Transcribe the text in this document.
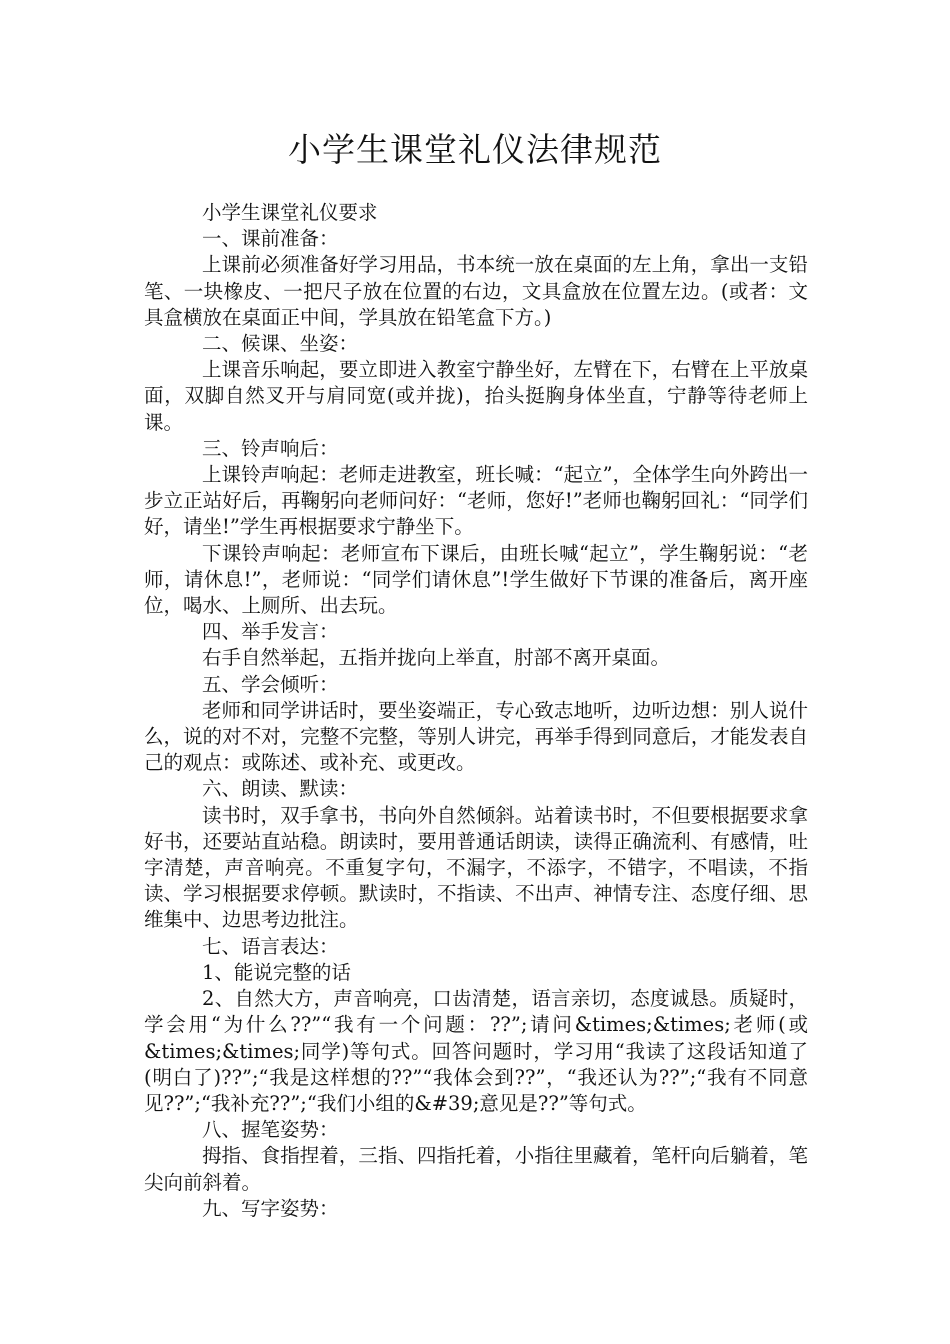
小学生课堂礼仪法律规范

小学生课堂礼仪要求

一、课前准备：

上课前必须准备好学习用品，书本统一放在桌面的左上角，拿出一支铅笔、一块橡皮、一把尺子放在位置的右边，文具盒放在位置左边。(或者：文具盒横放在桌面正中间，学具放在铅笔盒下方。)

二、候课、坐姿：

上课音乐响起，要立即进入教室宁静坐好，左臂在下，右臂在上平放桌面，双脚自然叉开与肩同宽(或并拢)，抬头挺胸身体坐直，宁静等待老师上课。

三、铃声响后：

上课铃声响起：老师走进教室，班长喊：“起立”，全体学生向外跨出一步立正站好后，再鞠躬向老师问好：“老师，您好!”老师也鞠躬回礼：“同学们好，请坐!”学生再根据要求宁静坐下。

下课铃声响起：老师宣布下课后，由班长喊“起立”，学生鞠躬说：“老师，请休息!”，老师说：“同学们请休息”!学生做好下节课的准备后，离开座位，喝水、上厕所、出去玩。

四、举手发言：

右手自然举起，五指并拢向上举直，肘部不离开桌面。

五、学会倾听：

老师和同学讲话时，要坐姿端正，专心致志地听，边听边想：别人说什么，说的对不对，完整不完整，等别人讲完，再举手得到同意后，才能发表自己的观点：或陈述、或补充、或更改。

六、朗读、默读：

读书时，双手拿书，书向外自然倾斜。站着读书时，不但要根据要求拿好书，还要站直站稳。朗读时，要用普通话朗读，读得正确流利、有感情，吐字清楚，声音响亮。不重复字句，不漏字，不添字，不错字，不唱读，不指读、学习根据要求停顿。默读时，不指读、不出声、神情专注、态度仔细、思维集中、边思考边批注。

七、语言表达：

1、能说完整的话

2、自然大方，声音响亮，口齿清楚，语言亲切，态度诚恳。质疑时，学会用“为什么??”“我有一个问题：??”;请问&times;&times;老师(或&times;&times;同学)等句式。回答问题时，学习用“我读了这段话知道了(明白了)??”;“我是这样想的??”“我体会到??”，“我还认为??”;“我有不同意见??”;“我补充??”;“我们小组的&#39;意见是??”等句式。

八、握笔姿势：

拇指、食指捏着，三指、四指托着，小指往里藏着，笔杆向后躺着，笔尖向前斜着。

九、写字姿势：
